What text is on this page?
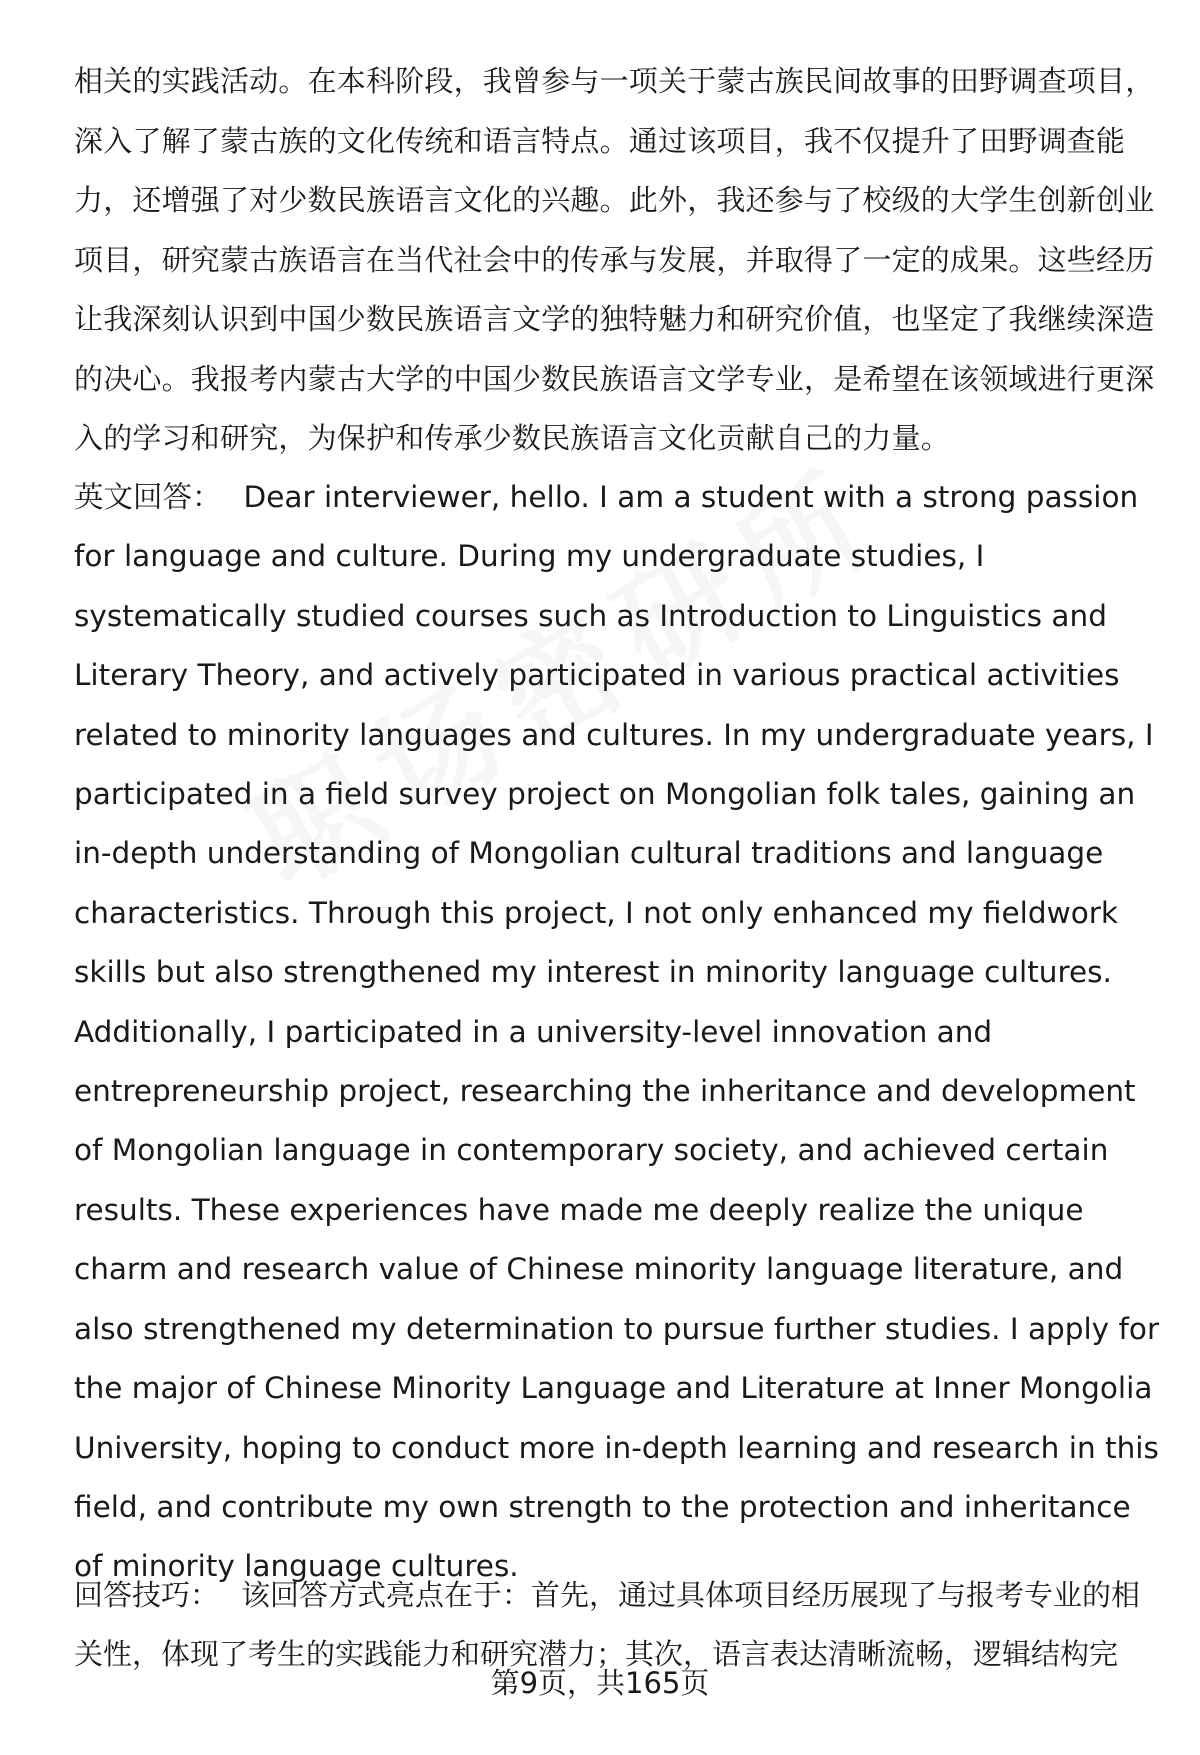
相关的实践活动。在本科阶段，我曾参与一项关于蒙古族民间故事的田野调查项目，深入了解了蒙古族的文化传统和语言特点。通过该项目，我不仅提升了田野调查能力，还增强了对少数民族语言文化的兴趣。此外，我还参与了校级的大学生创新创业项目，研究蒙古族语言在当代社会中的传承与发展，并取得了一定的成果。这些经历让我深刻认识到中国少数民族语言文学的独特魅力和研究价值，也坚定了我继续深造的决心。我报考内蒙古大学的中国少数民族语言文学专业，是希望在该领域进行更深入的学习和研究，为保护和传承少数民族语言文化贡献自己的力量。

英文回答： Dear interviewer, hello. I am a student with a strong passion for language and culture. During my undergraduate studies, I systematically studied courses such as Introduction to Linguistics and Literary Theory, and actively participated in various practical activities related to minority languages and cultures. In my undergraduate years, I participated in a field survey project on Mongolian folk tales, gaining an in-depth understanding of Mongolian cultural traditions and language characteristics. Through this project, I not only enhanced my fieldwork skills but also strengthened my interest in minority language cultures. Additionally, I participated in a university-level innovation and entrepreneurship project, researching the inheritance and development of Mongolian language in contemporary society, and achieved certain results. These experiences have made me deeply realize the unique charm and research value of Chinese minority language literature, and also strengthened my determination to pursue further studies. I apply for the major of Chinese Minority Language and Literature at Inner Mongolia University, hoping to conduct more in-depth learning and research in this field, and contribute my own strength to the protection and inheritance of minority language cultures.

回答技巧： 该回答方式亮点在于：首先，通过具体项目经历展现了与报考专业的相关性，体现了考生的实践能力和研究潜力；其次，语言表达清晰流畅，逻辑结构完

第9页，共165页
